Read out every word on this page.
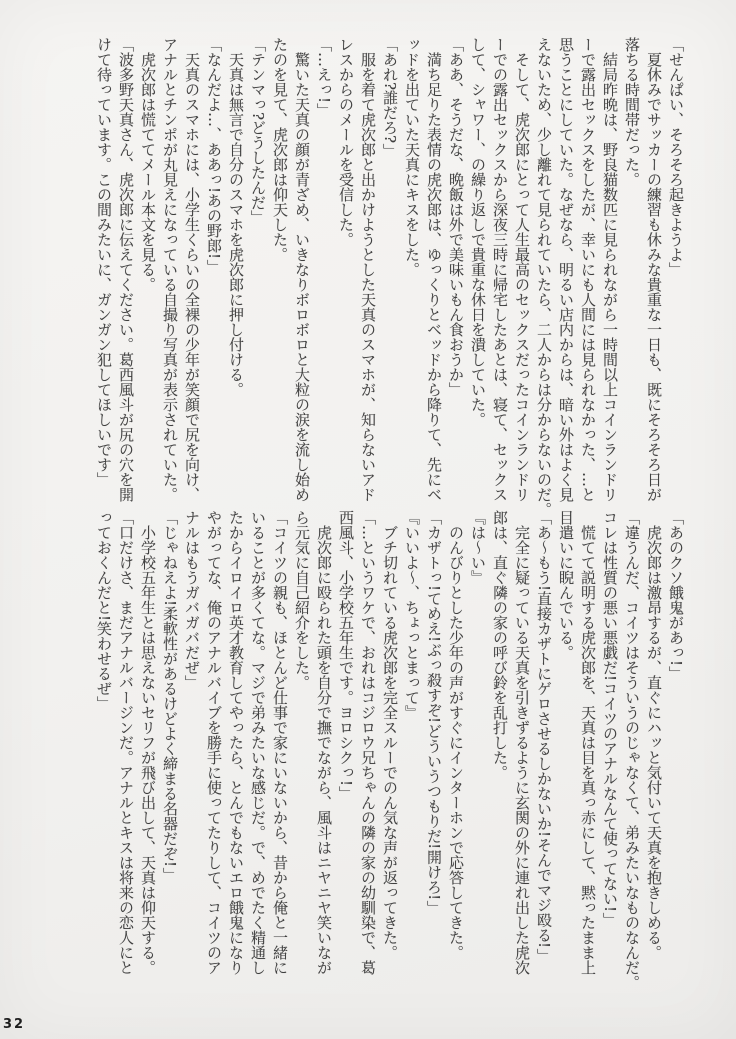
「せんぱい、そろそろ起きようよ」

　夏休みでサッカーの練習も休みな貴重な一日も、既にそろそろ日が

落ちる時間帯だった。

　結局昨晩は、野良猫数匹に見られながら一時間以上コインランドリ

ーで露出セックスをしたが、幸いにも人間には見られなかった、…と

思うことにしていた。なぜなら、明るい店内からは、暗い外はよく見

えないため、少し離れて見られていたら、二人からは分からないのだ。

　そして、虎次郎にとって人生最高のセックスだったコインランドリ

ーでの露出セックスから深夜三時に帰宅したあとは、寝て、セックス

して、シャワー、の繰り返しで貴重な休日を潰していた。

「ああ、そうだな、晩飯は外で美味いもん食おうか」

　満ち足りた表情の虎次郎は、ゆっくりとベッドから降りて、先にベ

ッドを出ていた天真にキスをした。

「あれ?誰だろ?」

　服を着て虎次郎と出かけようとした天真のスマホが、知らないアド

レスからのメールを受信した。

「…えっ!」

　驚いた天真の顔が青ざめ、いきなりボロボロと大粒の涙を流し始め

たのを見て、虎次郎は仰天した。

「テンマっ?どうしたんだ」

　天真は無言で自分のスマホを虎次郎に押し付ける。

「なんだよ…、ああっ!あの野郎!」

　天真のスマホには、小学生くらいの全裸の少年が笑顔で尻を向け、

アナルとチンポが丸見えになっている自撮り写真が表示されていた。

　虎次郎は慌ててメール本文を見る。

「波多野天真さん、虎次郎に伝えてください。葛西風斗が尻の穴を開

けて待っています。この間みたいに、ガンガン犯してほしいです」

「あのクソ餓鬼があっ!」

　虎次郎は激昂するが、直ぐにハッと気付いて天真を抱きしめる。

「違うんだ、コイツはそういうのじゃなくて、弟みたいなものなんだ。

コレは性質の悪い悪戯だ!コイツのアナルなんて使ってない!」

　慌てて説明する虎次郎を、天真は目を真っ赤にして、黙ったまま上

目遣いに睨んでいる。

「あ〜もう!直接カザトにゲロさせるしかないか!そんでマジ殴る!」

　完全に疑っている天真を引きずるように玄関の外に連れ出した虎次

郎は、直ぐ隣の家の呼び鈴を乱打した。

『は〜い』

　のんびりとした少年の声がすぐにインターホンで応答してきた。

「カザトっ!てめえ!ぶっ殺すぞ!どういうつもりだ!開けろ!」

『いいよ〜、ちょっとまって』

　ブチ切れている虎次郎を完全スルーでのん気な声が返ってきた。

「…というワケで、おれはコジロウ兄ちゃんの隣の家の幼馴染で、葛

西風斗、小学校五年生です。ヨロシクっ!」

　虎次郎に殴られた頭を自分で撫でながら、風斗はニヤニヤ笑いなが

ら元気に自己紹介をした。

「コイツの親も、ほとんど仕事で家にいないから、昔から俺と一緒に

いることが多くてな。マジで弟みたいな感じだ。で、めでたく精通し

たからイロイロ英才教育してやったら、とんでもないエロ餓鬼になり

やがってな、俺のアナルバイブを勝手に使ってたりして、コイツのア

ナルはもうガバガバだぜ」

「じゃねえよ!柔軟性があるけどよく締まる名器だぞ!」

　小学校五年生とは思えないセリフが飛び出して、天真は仰天する。

「口だけさ、まだアナルバージンだ。アナルとキスは将来の恋人にと

っておくんだと!笑わせるぜ」

32
